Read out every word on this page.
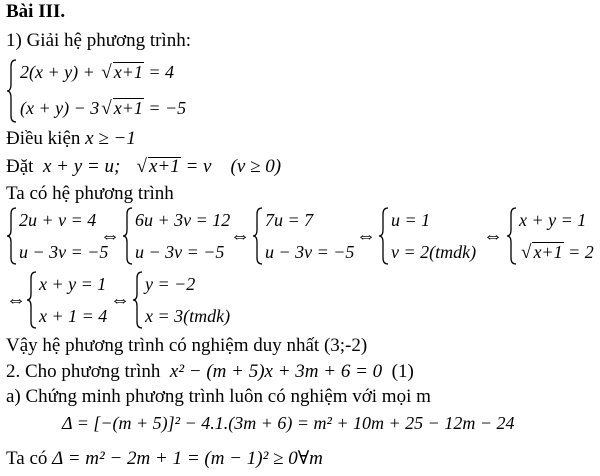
Bài III.
1) Giải hệ phương trình:
2(x + y) + √ x+1 = 4
(x + y) − 3 √ x+1 = −5
Điều kiện x ≥ −1
Đặt x + y = u; √ x+1 = v (v ≥ 0)
Ta có hệ phương trình
2u + v = 4
u − 3v = −5
⇔
6u + 3v = 12
u − 3v = −5
⇔
7u = 7
u − 3v = −5
⇔
u = 1
v = 2(tmdk)
⇔
x + y = 1
√ x+1 = 2
⇔
x + y = 1
x + 1 = 4
⇔
y = −2
x = 3(tmdk)
Vậy hệ phương trình có nghiệm duy nhất (3;-2)
2. Cho phương trình x² − (m + 5)x + 3m + 6 = 0 (1)
a) Chứng minh phương trình luôn có nghiệm với mọi m
Δ = [−(m + 5)]² − 4.1.(3m + 6) = m² + 10m + 25 − 12m − 24
Ta có Δ = m² − 2m + 1 = (m − 1)² ≥ 0∀m
